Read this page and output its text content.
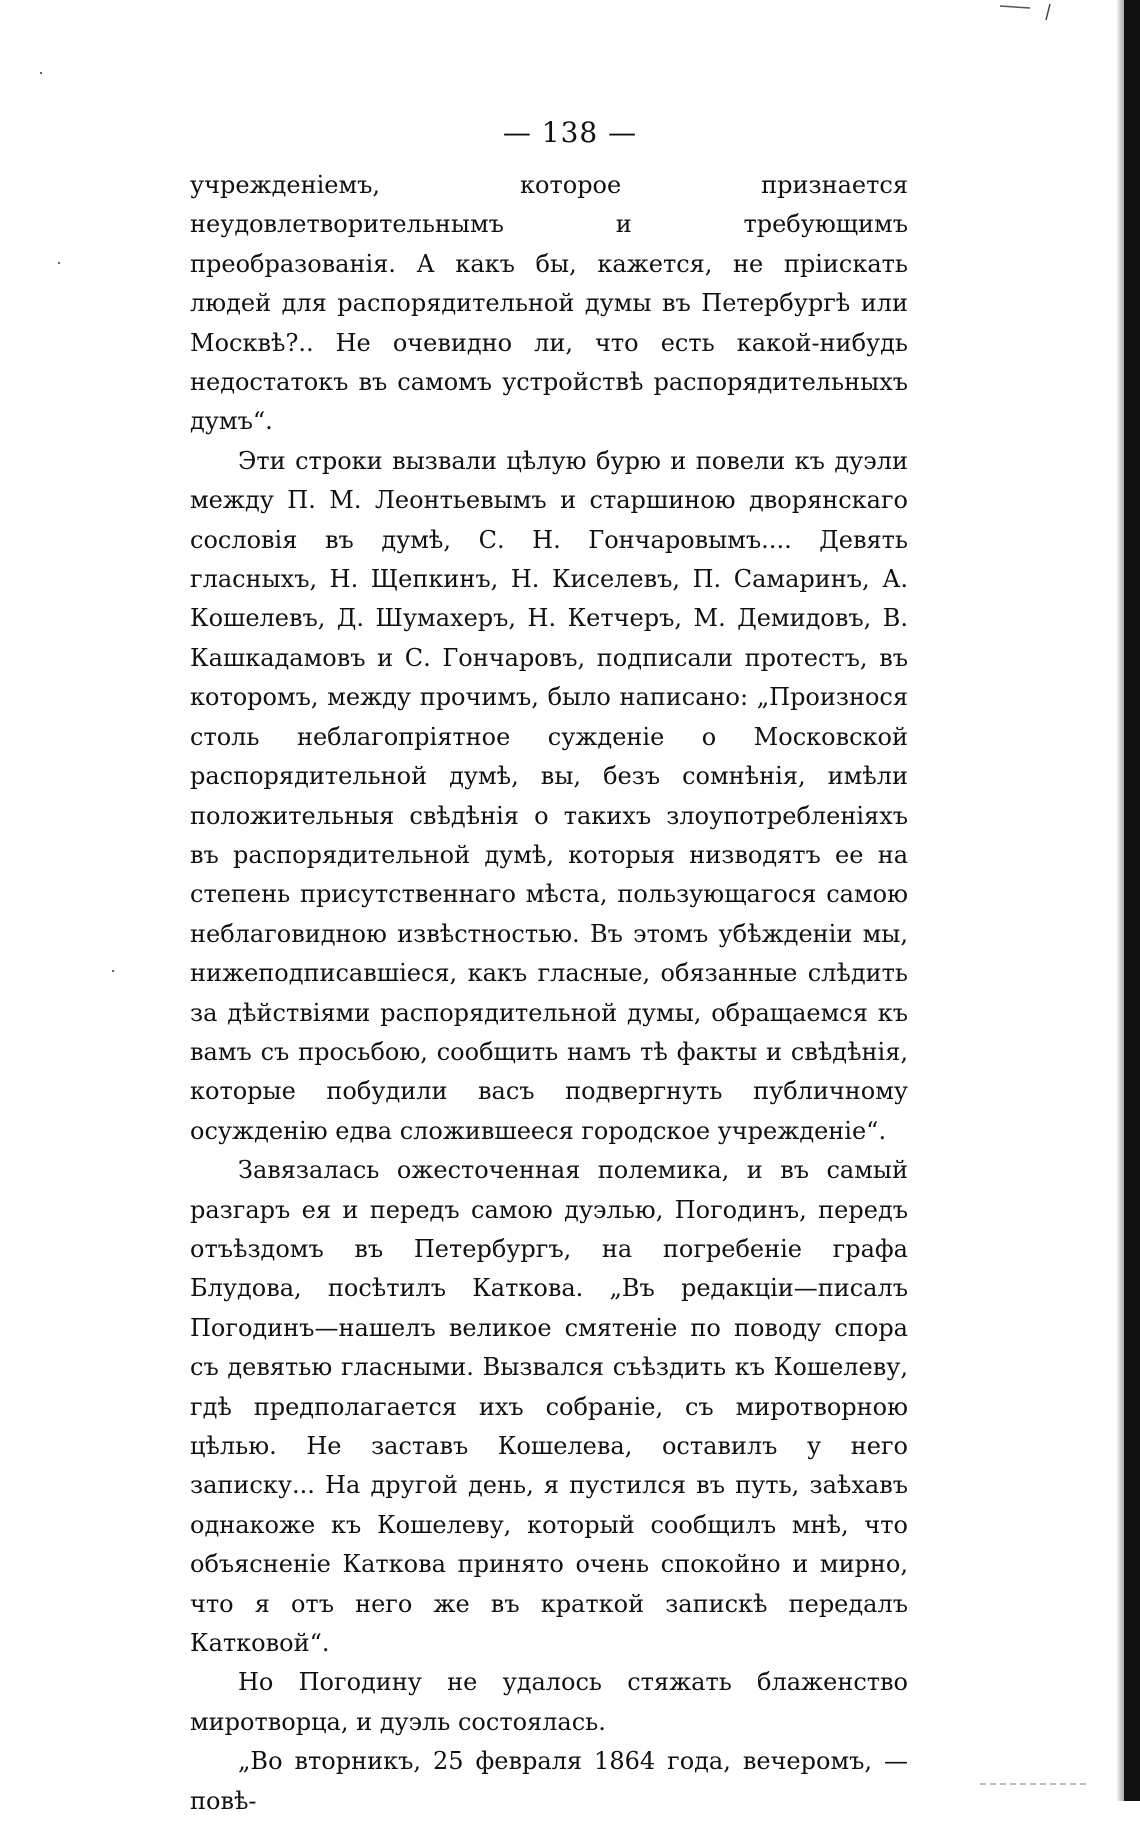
— 138 —

учрежденіемъ, которое признается неудовлетворительнымъ и требующимъ преобразованія. А какъ бы, кажется, не пріискать людей для распорядительной думы въ Петербургѣ или Москвѣ?.. Не очевидно ли, что есть какой-нибудь недостатокъ въ самомъ устройствѣ распорядительныхъ думъ“.

Эти строки вызвали цѣлую бурю и повели къ дуэли между П. М. Леонтьевымъ и старшиною дворянскаго сословія въ думѣ, С. Н. Гончаровымъ.... Девять гласныхъ, Н. Щепкинъ, Н. Киселевъ, П. Самаринъ, А. Кошелевъ, Д. Шумахеръ, Н. Кетчеръ, М. Демидовъ, В. Кашкадамовъ и С. Гончаровъ, подписали протестъ, въ которомъ, между прочимъ, было написано: „Произнося столь неблагопріятное сужденіе о Московской распорядительной думѣ, вы, безъ сомнѣнія, имѣли положительныя свѣдѣнія о такихъ злоупотребленіяхъ въ распорядительной думѣ, которыя низводятъ ее на степень присутственнаго мѣста, пользующагося самою неблаговидною извѣстностью. Въ этомъ убѣжденіи мы, нижеподписавшіеся, какъ гласные, обязанные слѣдить за дѣйствіями распорядительной думы, обращаемся къ вамъ съ просьбою, сообщить намъ тѣ факты и свѣдѣнія, которые побудили васъ подвергнуть публичному осужденію едва сложившееся городское учрежденіе“.

Завязалась ожесточенная полемика, и въ самый разгаръ ея и передъ самою дуэлью, Погодинъ, передъ отъѣздомъ въ Петербургъ, на погребеніе графа Блудова, посѣтилъ Каткова. „Въ редакціи—писалъ Погодинъ—нашелъ великое смятеніе по поводу спора съ девятью гласными. Вызвался съѣздить къ Кошелеву, гдѣ предполагается ихъ собраніе, съ миротворною цѣлью. Не заставъ Кошелева, оставилъ у него записку... На другой день, я пустился въ путь, заѣхавъ однакоже къ Кошелеву, который сообщилъ мнѣ, что объясненіе Каткова принято очень спокойно и мирно, что я отъ него же въ краткой запискѣ передалъ Катковой“.

Но Погодину не удалось стяжать блаженство миротворца, и дуэль состоялась.

„Во вторникъ, 25 февраля 1864 года, вечеромъ, — повѣ-
